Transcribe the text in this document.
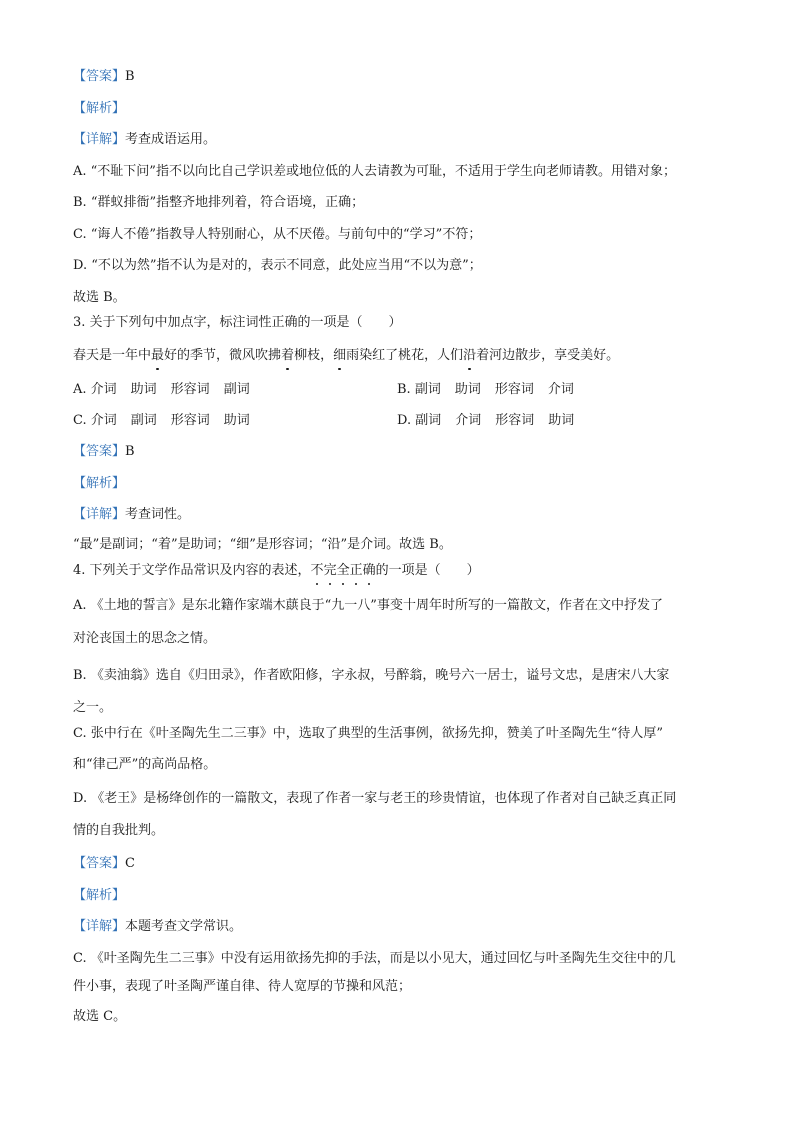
【答案】B
【解析】
【详解】考查成语运用。
A. “不耻下问”指不以向比自己学识差或地位低的人去请教为可耻，不适用于学生向老师请教。用错对象；
B. “群蚁排衙”指整齐地排列着，符合语境，正确；
C. “诲人不倦”指教导人特别耐心，从不厌倦。与前句中的“学习”不符；
D. “不以为然”指不认为是对的，表示不同意，此处应当用“不以为意”；
故选 B。
3. 关于下列句中加点字，标注词性正确的一项是（　　）
春天是一年中最好的季节，微风吹拂着柳枝，细雨染红了桃花，人们沿着河边散步，享受美好。
A. 介词 助词 形容词 副词	B. 副词 助词 形容词 介词
C. 介词 副词 形容词 助词	D. 副词 介词 形容词 助词
【答案】B
【解析】
【详解】考查词性。
“最”是副词；“着”是助词；“细”是形容词；“沿”是介词。故选 B。
4. 下列关于文学作品常识及内容的表述，不完全正确的一项是（　　）
A. 《土地的誓言》是东北籍作家端木蕻良于“九一八”事变十周年时所写的一篇散文，作者在文中抒发了
对沦丧国土的思念之情。
B. 《卖油翁》选自《归田录》，作者欧阳修，字永叔，号醉翁，晚号六一居士，谥号文忠，是唐宋八大家
之一。
C. 张中行在《叶圣陶先生二三事》中，选取了典型的生活事例，欲扬先抑，赞美了叶圣陶先生“待人厚”
和“律己严”的高尚品格。
D. 《老王》是杨绛创作的一篇散文，表现了作者一家与老王的珍贵情谊，也体现了作者对自己缺乏真正同
情的自我批判。
【答案】C
【解析】
【详解】本题考查文学常识。
C. 《叶圣陶先生二三事》中没有运用欲扬先抑的手法，而是以小见大，通过回忆与叶圣陶先生交往中的几
件小事，表现了叶圣陶严谨自律、待人宽厚的节操和风范；
故选 C。
